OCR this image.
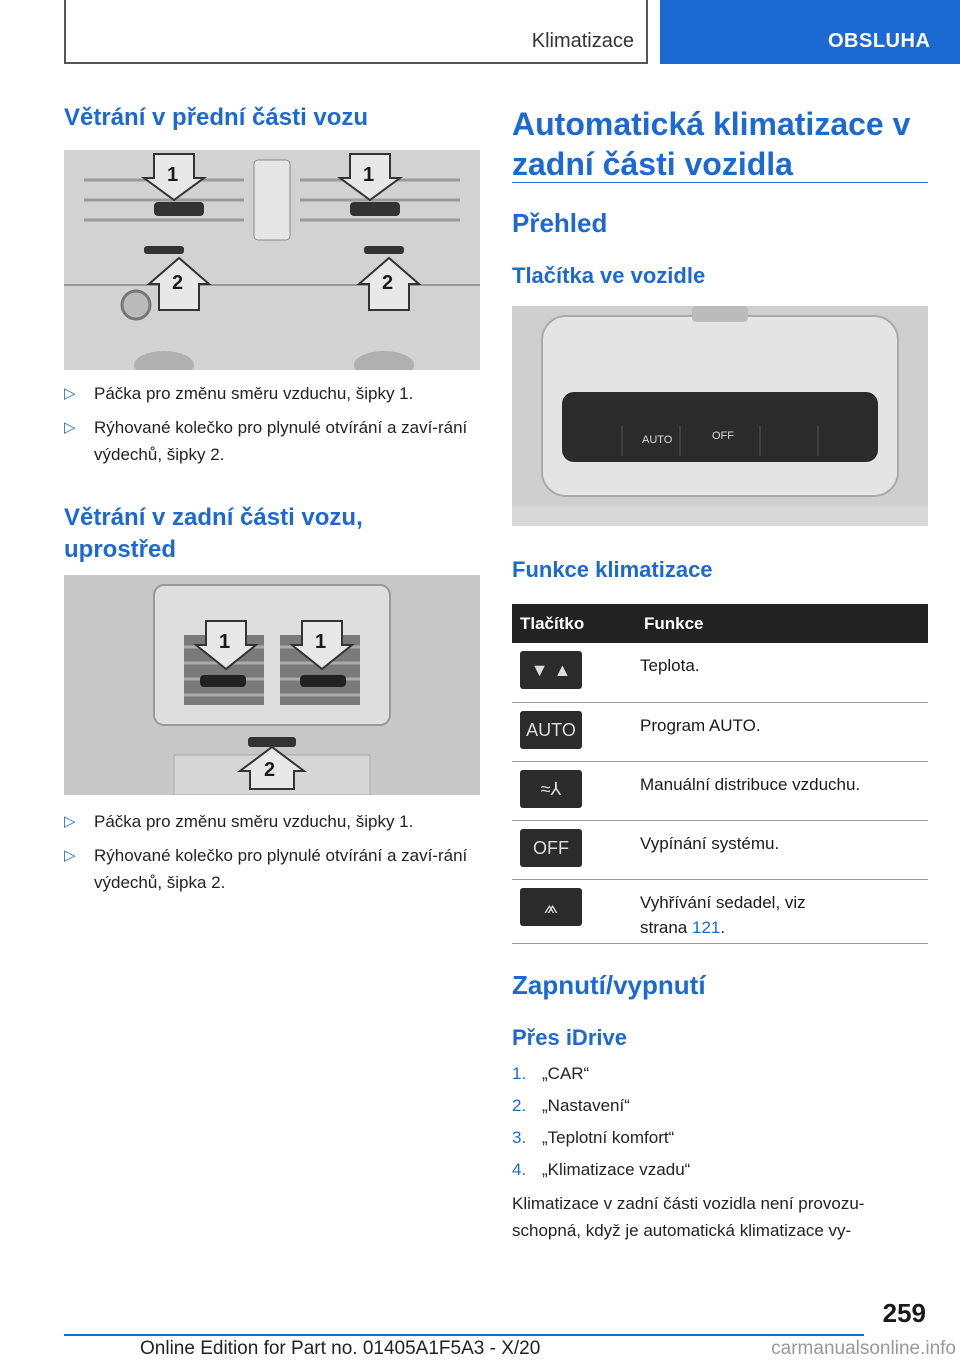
Klimatizace	OBSLUHA
Větrání v přední části vozu
1	1
2	2
▷ Páčka pro změnu směru vzduchu, šipky 1.
▷ Rýhované kolečko pro plynulé otvírání a zaví‐rání výdechů, šipky 2.
Větrání v zadní části vozu, uprostřed
1	1
2
▷ Páčka pro změnu směru vzduchu, šipky 1.
▷ Rýhované kolečko pro plynulé otvírání a zaví‐rání výdechů, šipka 2.
Automatická klimatizace v zadní části vozidla
Přehled
Tlačítka ve vozidle
AUTO	OFF
Funkce klimatizace
Tlačítko	Funkce

▼ ▲	Teplota.

AUTO	Program AUTO.

≈⅄	Manuální distribuce vzduchu.

OFF	Vypínání systému.

⩕	Vyhřívání sedadel, viz
strana 121.
Zapnutí/vypnutí
Přes iDrive
1. „CAR“
2. „Nastavení“
3. „Teplotní komfort“
4. „Klimatizace vzadu“
Klimatizace v zadní části vozidla není provozu‐
schopná, když je automatická klimatizace vy‐
259
Online Edition for Part no. 01405A1F5A3 - X/20	carmanualsonline.info
